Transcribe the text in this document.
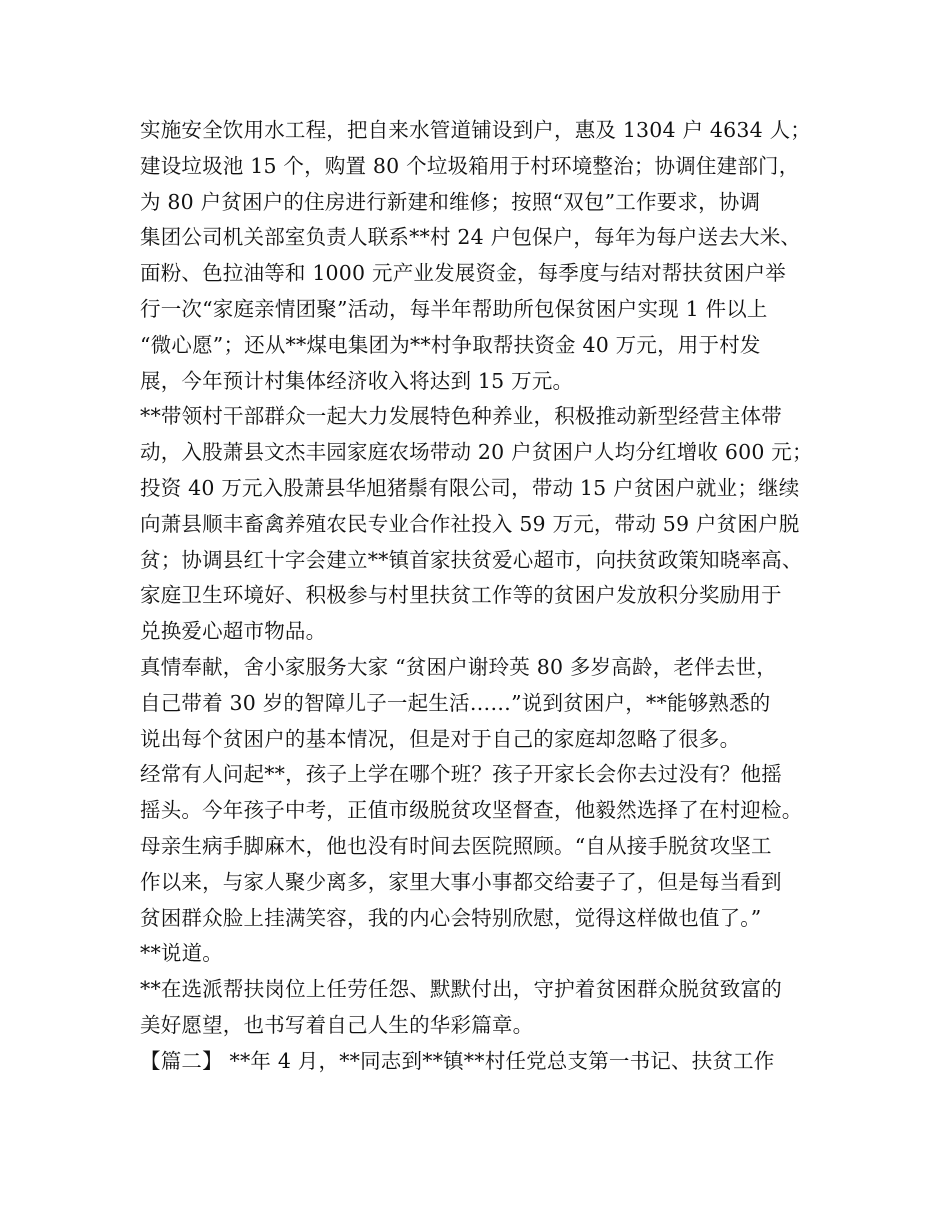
实施安全饮用水工程，把自来水管道铺设到户，惠及 1304 户 4634 人；
建设垃圾池 15 个，购置 80 个垃圾箱用于村环境整治；协调住建部门，
为 80 户贫困户的住房进行新建和维修；按照“双包”工作要求，协调
集团公司机关部室负责人联系**村 24 户包保户，每年为每户送去大米、
面粉、色拉油等和 1000 元产业发展资金，每季度与结对帮扶贫困户举
行一次“家庭亲情团聚”活动，每半年帮助所包保贫困户实现 1 件以上
“微心愿”；还从**煤电集团为**村争取帮扶资金 40 万元，用于村发
展，今年预计村集体经济收入将达到 15 万元。
**带领村干部群众一起大力发展特色种养业，积极推动新型经营主体带
动，入股萧县文杰丰园家庭农场带动 20 户贫困户人均分红增收 600 元；
投资 40 万元入股萧县华旭猪鬃有限公司，带动 15 户贫困户就业；继续
向萧县顺丰畜禽养殖农民专业合作社投入 59 万元，带动 59 户贫困户脱
贫；协调县红十字会建立**镇首家扶贫爱心超市，向扶贫政策知晓率高、
家庭卫生环境好、积极参与村里扶贫工作等的贫困户发放积分奖励用于
兑换爱心超市物品。
真情奉献，舍小家服务大家 “贫困户谢玲英 80 多岁高龄，老伴去世，
自己带着 30 岁的智障儿子一起生活……”说到贫困户，**能够熟悉的
说出每个贫困户的基本情况，但是对于自己的家庭却忽略了很多。
经常有人问起**，孩子上学在哪个班？孩子开家长会你去过没有？他摇
摇头。今年孩子中考，正值市级脱贫攻坚督查，他毅然选择了在村迎检。
母亲生病手脚麻木，他也没有时间去医院照顾。“自从接手脱贫攻坚工
作以来，与家人聚少离多，家里大事小事都交给妻子了，但是每当看到
贫困群众脸上挂满笑容，我的内心会特别欣慰，觉得这样做也值了。”
**说道。
**在选派帮扶岗位上任劳任怨、默默付出，守护着贫困群众脱贫致富的
美好愿望，也书写着自己人生的华彩篇章。
【篇二】 **年 4 月，**同志到**镇**村任党总支第一书记、扶贫工作
